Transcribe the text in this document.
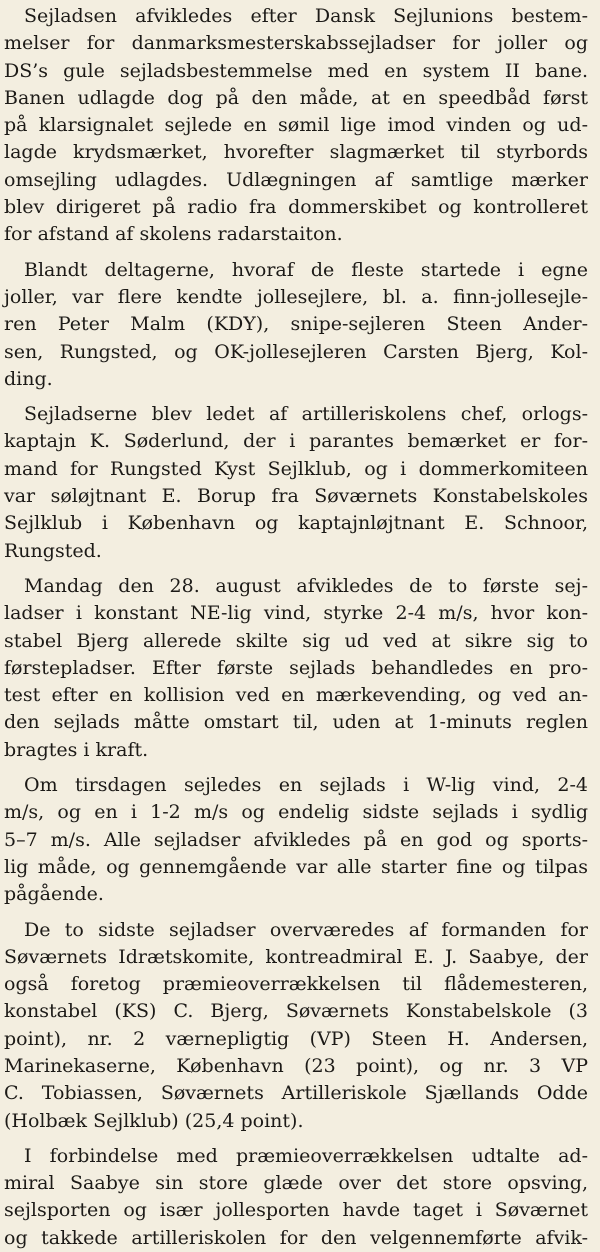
Sejladsen afvikledes efter Dansk Sejlunions bestem-
melser for danmarksmesterskabssejladser for joller og
DS’s gule sejladsbestemmelse med en system II bane.
Banen udlagde dog på den måde, at en speedbåd først
på klarsignalet sejlede en sømil lige imod vinden og ud-
lagde krydsmærket, hvorefter slagmærket til styrbords
omsejling udlagdes. Udlægningen af samtlige mærker
blev dirigeret på radio fra dommerskibet og kontrolleret
for afstand af skolens radarstaiton.
Blandt deltagerne, hvoraf de fleste startede i egne
joller, var flere kendte jollesejlere, bl. a. finn-jollesejle-
ren Peter Malm (KDY), snipe-sejleren Steen Ander-
sen, Rungsted, og OK-jollesejleren Carsten Bjerg, Kol-
ding.
Sejladserne blev ledet af artilleriskolens chef, orlogs-
kaptajn K. Søderlund, der i parantes bemærket er for-
mand for Rungsted Kyst Sejlklub, og i dommerkomiteen
var søløjtnant E. Borup fra Søværnets Konstabelskoles
Sejlklub i København og kaptajnløjtnant E. Schnoor,
Rungsted.
Mandag den 28. august afvikledes de to første sej-
ladser i konstant NE-lig vind, styrke 2-4 m/s, hvor kon-
stabel Bjerg allerede skilte sig ud ved at sikre sig to
førstepladser. Efter første sejlads behandledes en pro-
test efter en kollision ved en mærkevending, og ved an-
den sejlads måtte omstart til, uden at 1-minuts reglen
bragtes i kraft.
Om tirsdagen sejledes en sejlads i W-lig vind, 2-4
m/s, og en i 1-2 m/s og endelig sidste sejlads i sydlig
5–7 m/s. Alle sejladser afvikledes på en god og sports-
lig måde, og gennemgående var alle starter fine og tilpas
pågående.
De to sidste sejladser overværedes af formanden for
Søværnets Idrætskomite, kontreadmiral E. J. Saabye, der
også foretog præmieoverrækkelsen til flådemesteren,
konstabel (KS) C. Bjerg, Søværnets Konstabelskole (3
point), nr. 2 værnepligtig (VP) Steen H. Andersen,
Marinekaserne, København (23 point), og nr. 3 VP
C. Tobiassen, Søværnets Artilleriskole Sjællands Odde
(Holbæk Sejlklub) (25,4 point).
I forbindelse med præmieoverrækkelsen udtalte ad-
miral Saabye sin store glæde over det store opsving,
sejlsporten og især jollesporten havde taget i Søværnet
og takkede artilleriskolen for den velgennemførte afvik-
